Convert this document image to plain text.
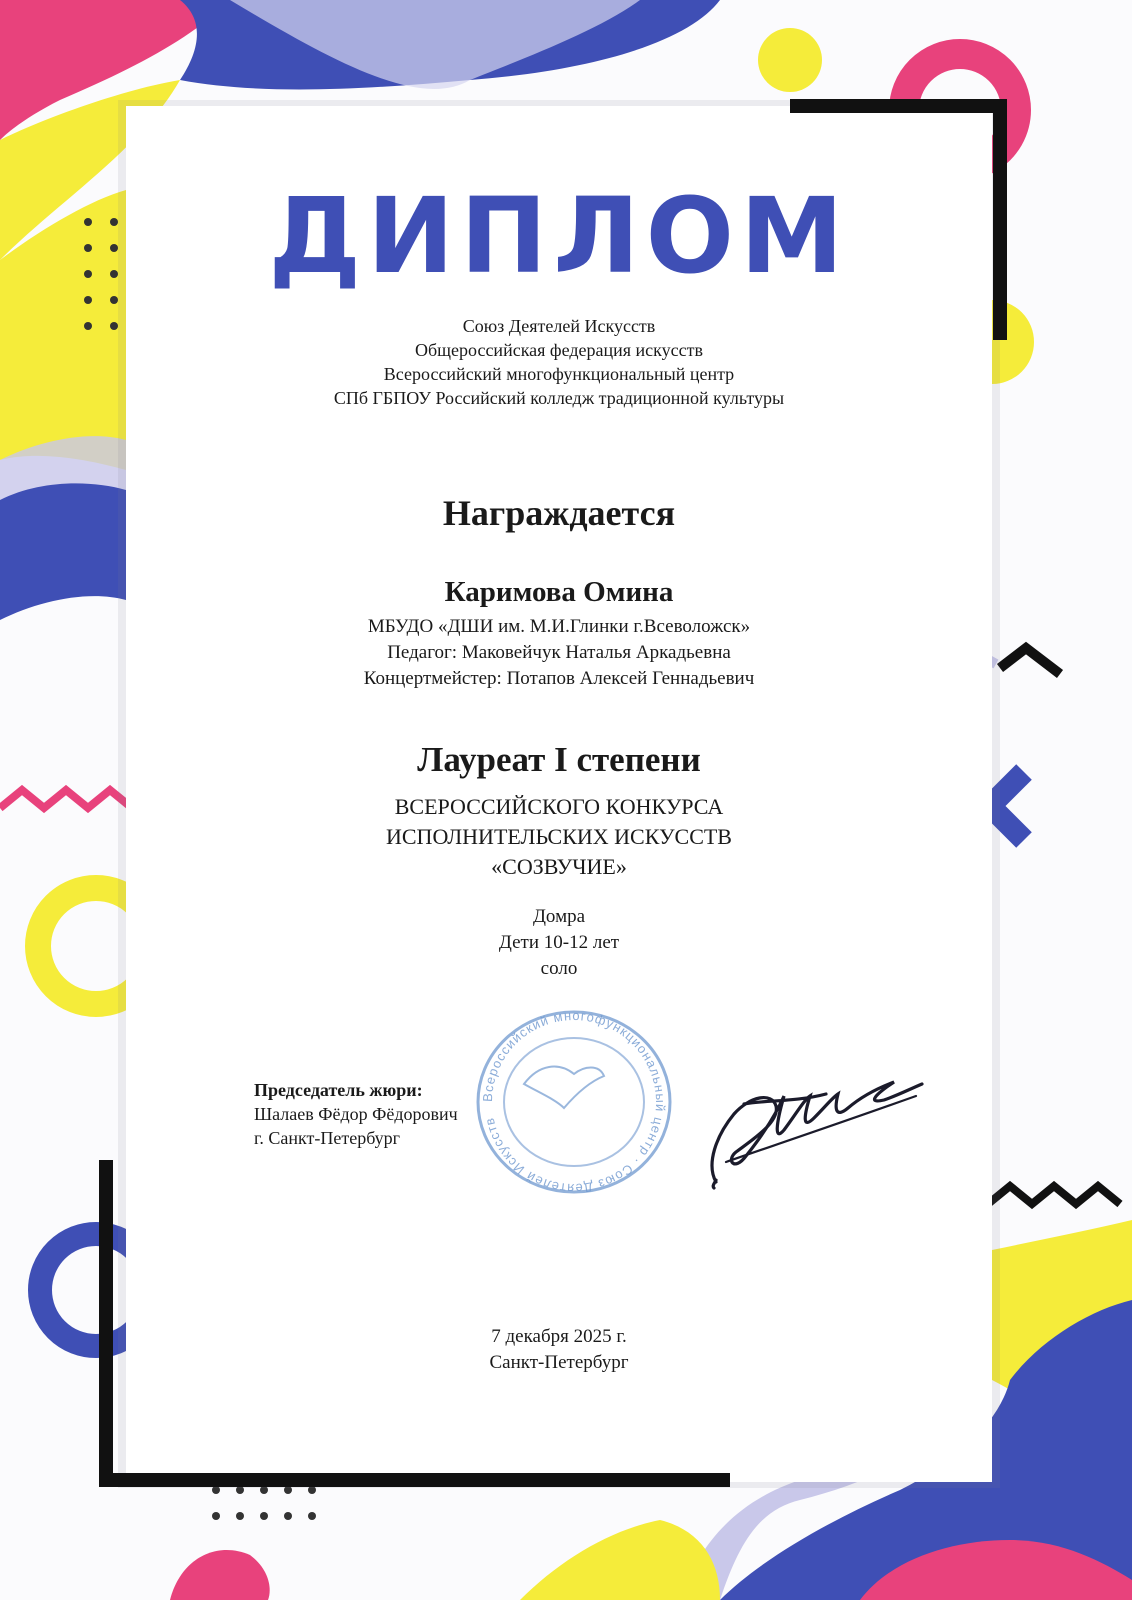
ДИПЛОМ
Союз Деятелей Искусств
Общероссийская федерация искусств
Всероссийский многофункциональный центр
СПб ГБПОУ Российский колледж традиционной культуры
Награждается
Каримова Омина
МБУДО «ДШИ им. М.И.Глинки г.Всеволожск»
Педагог: Маковейчук Наталья Аркадьевна
Концертмейстер: Потапов Алексей Геннадьевич
Лауреат I степени
ВСЕРОССИЙСКОГО КОНКУРСА
ИСПОЛНИТЕЛЬСКИХ ИСКУССТВ
«СОЗВУЧИЕ»
Домра
Дети 10-12 лет
соло
Председатель жюри:
Шалаев Фёдор Фёдорович
г. Санкт-Петербург
Всероссийский многофункциональный центр · Союз Деятелей Искусств
7 декабря 2025 г.
Санкт-Петербург
